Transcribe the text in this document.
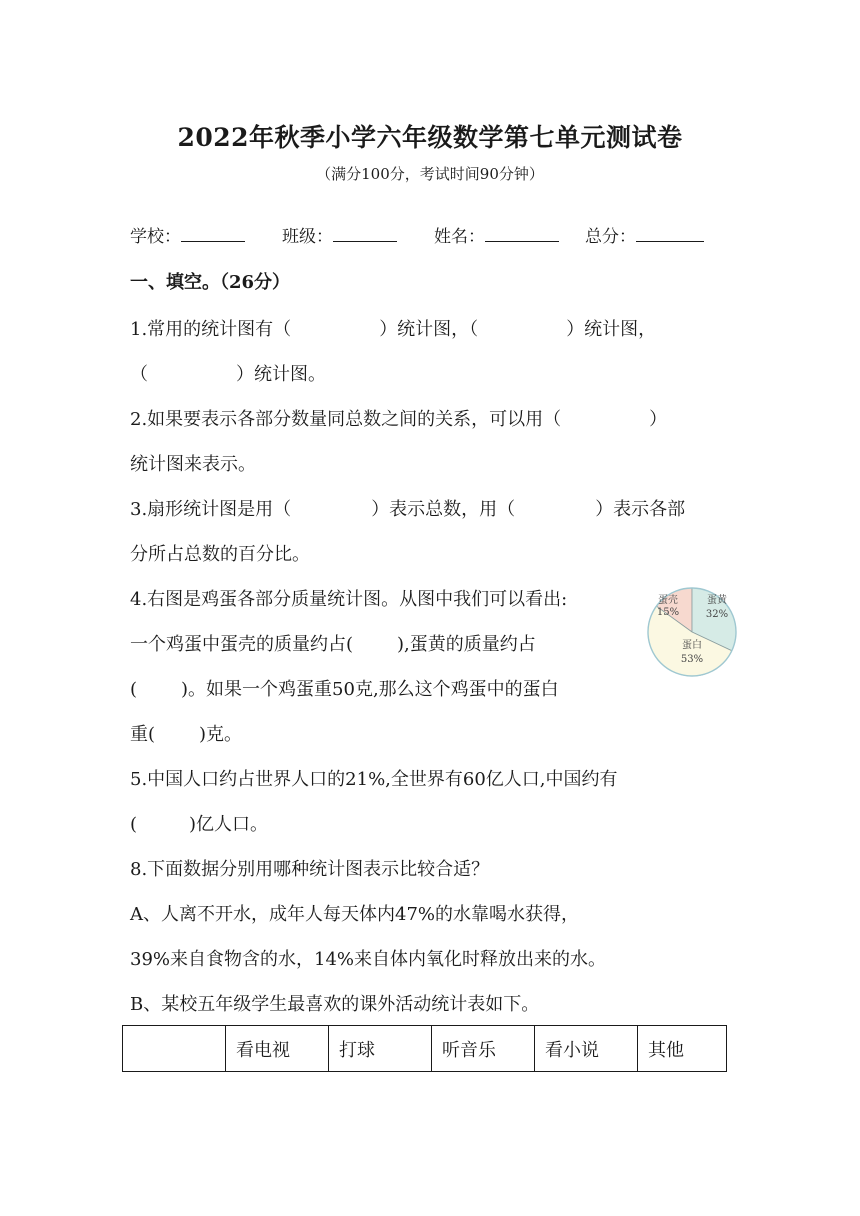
2022年秋季小学六年级数学第七单元测试卷
（满分100分，考试时间90分钟）
学校：	班级：	姓名：	总分：
一、填空。（26分）
1.常用的统计图有（	）统计图，（	）统计图，
（	）统计图。
2.如果要表示各部分数量同总数之间的关系，可以用（	）
统计图来表示。
3.扇形统计图是用（	）表示总数，用（	）表示各部
分所占总数的百分比。
4.右图是鸡蛋各部分质量统计图。从图中我们可以看出:
一个鸡蛋中蛋壳的质量约占( ),蛋黄的质量约占
( )。如果一个鸡蛋重50克,那么这个鸡蛋中的蛋白
重( )克。
蛋壳
15%
蛋黄
32%
蛋白
53%
5.中国人口约占世界人口的21%,全世界有60亿人口,中国约有
(	)亿人口。
8.下面数据分别用哪种统计图表示比较合适？
A、人离不开水，成年人每天体内47%的水靠喝水获得，
39%来自食物含的水，14%来自体内氧化时释放出来的水。
B、某校五年级学生最喜欢的课外活动统计表如下。
	看电视	打球	听音乐	看小说	其他
